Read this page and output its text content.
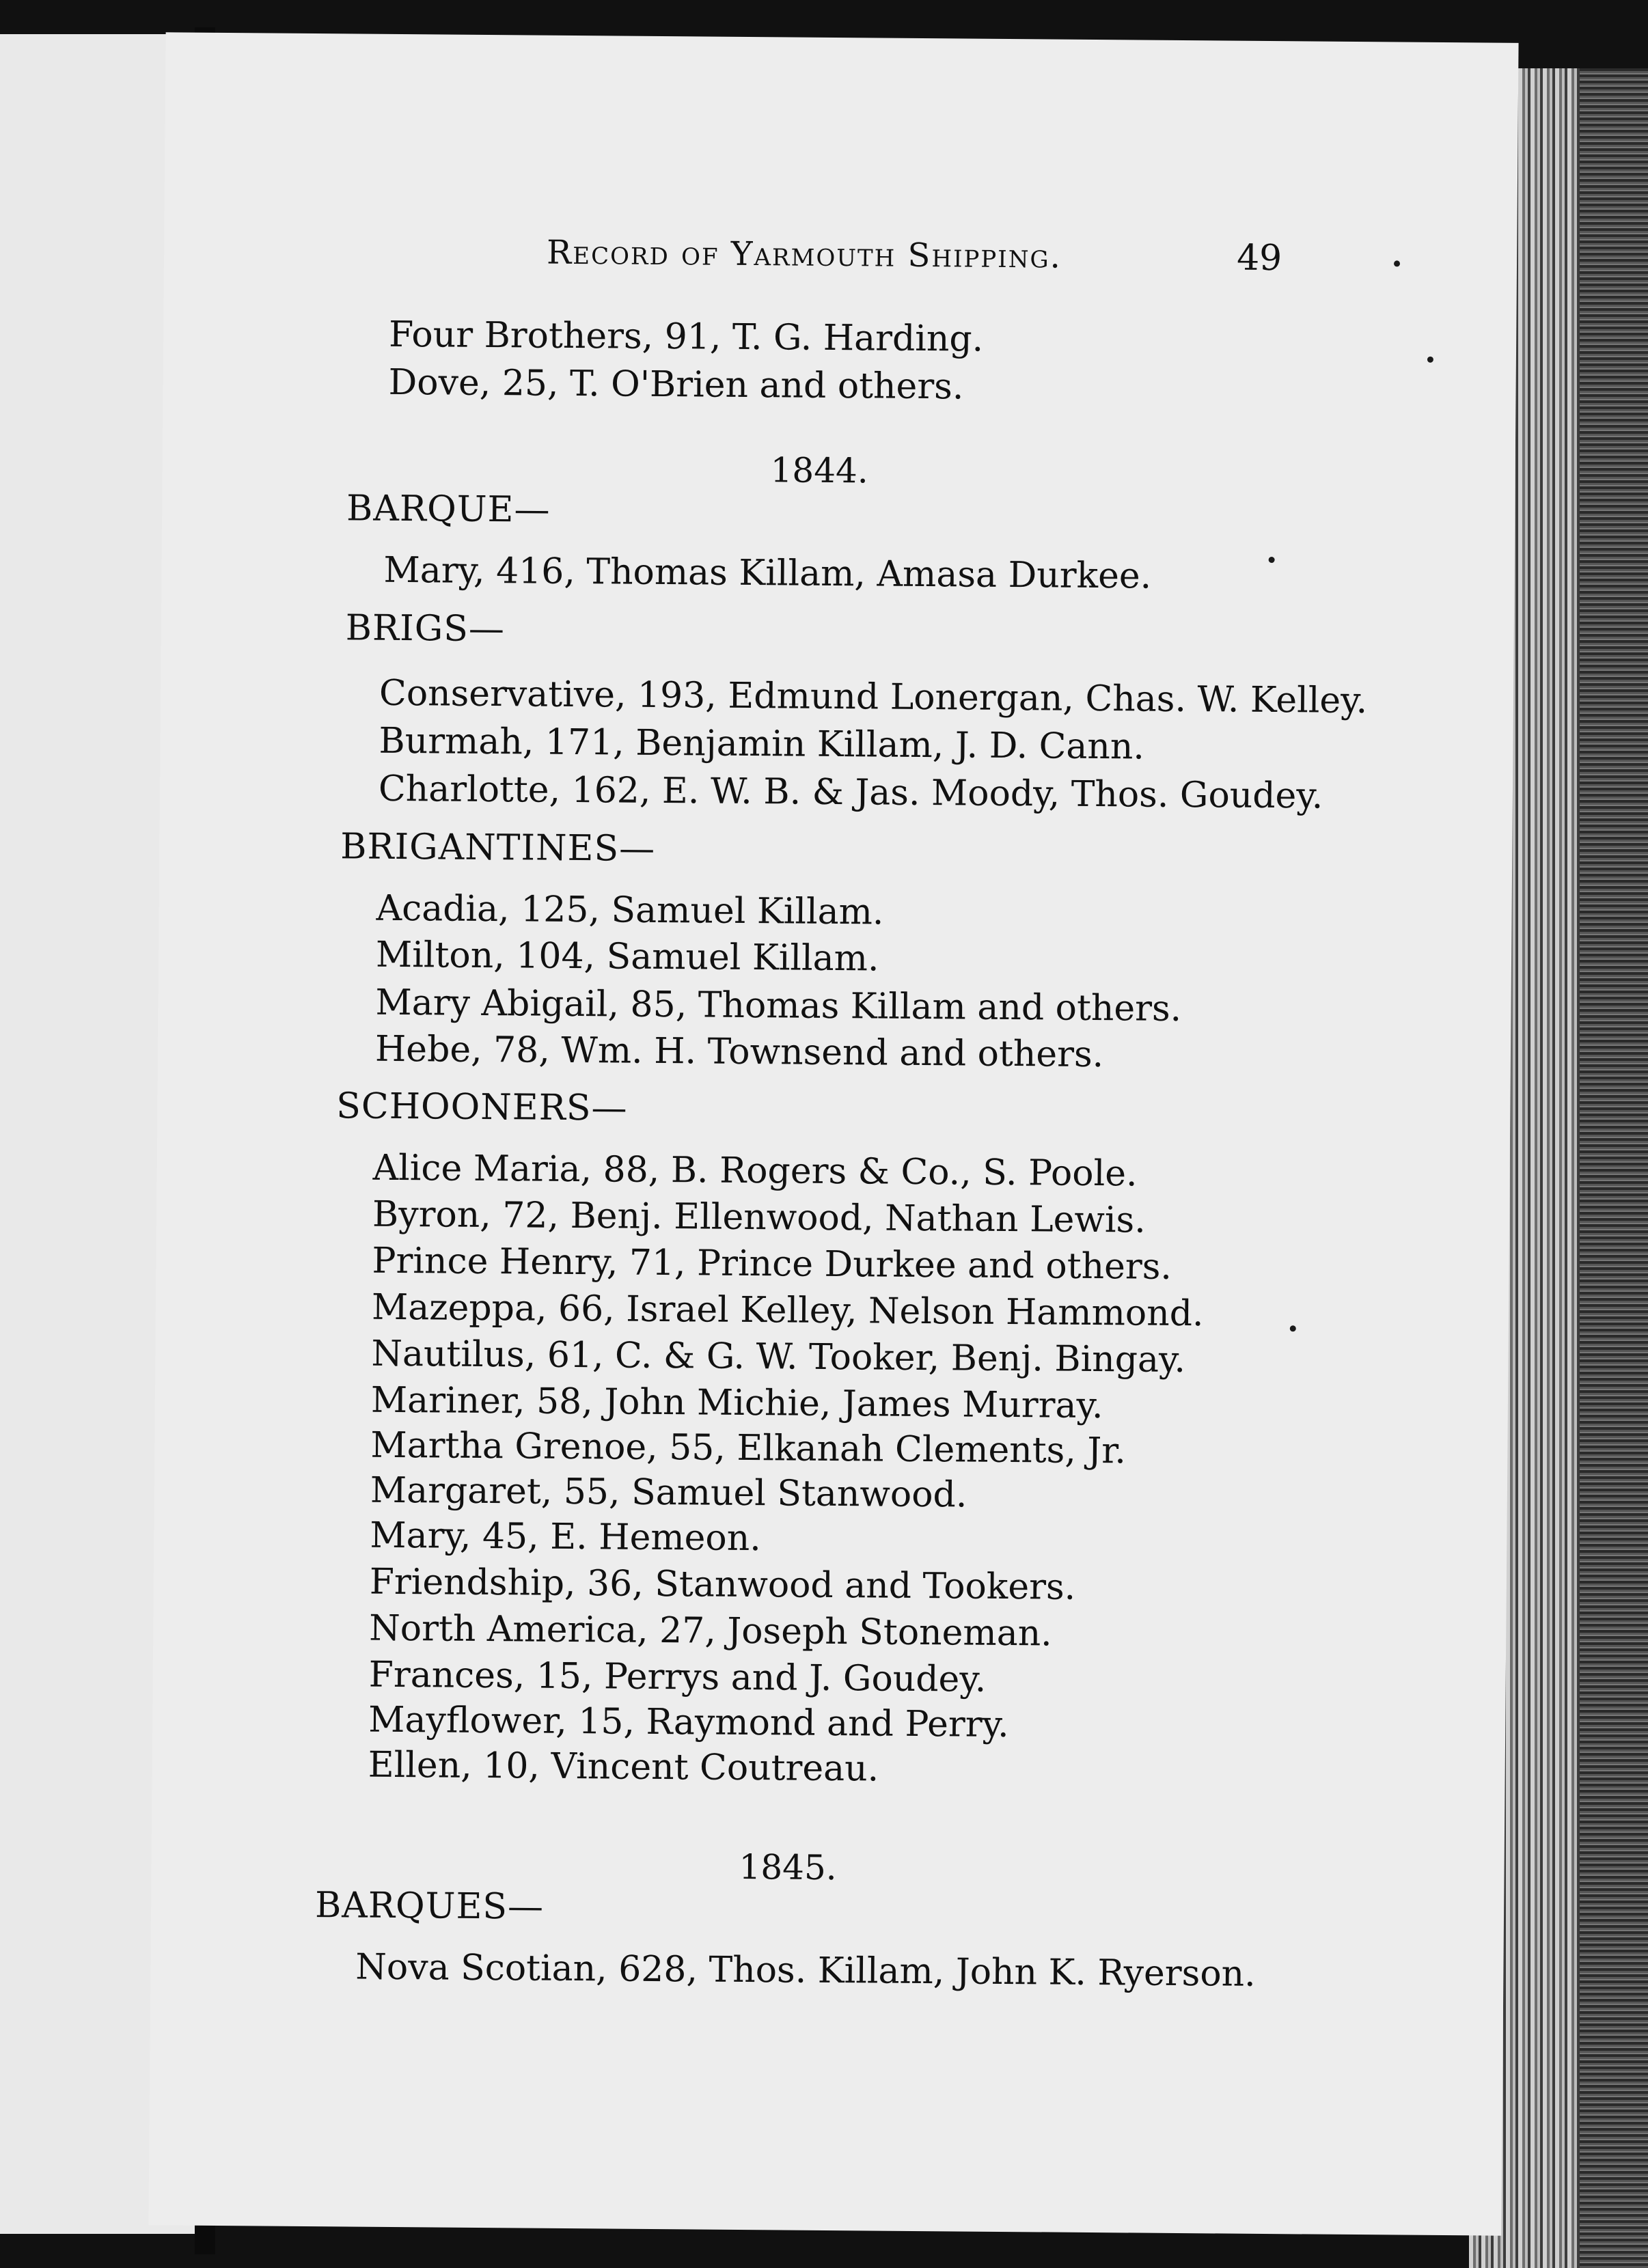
Record of Yarmouth Shipping.	49
Four Brothers, 91, T. G. Harding.
Dove, 25, T. O'Brien and others.
1844.
BARQUE—
Mary, 416, Thomas Killam, Amasa Durkee.
BRIGS—
Conservative, 193, Edmund Lonergan, Chas. W. Kelley.
Burmah, 171, Benjamin Killam, J. D. Cann.
Charlotte, 162, E. W. B. & Jas. Moody, Thos. Goudey.
BRIGANTINES—
Acadia, 125, Samuel Killam.
Milton, 104, Samuel Killam.
Mary Abigail, 85, Thomas Killam and others.
Hebe, 78, Wm. H. Townsend and others.
SCHOONERS—
Alice Maria, 88, B. Rogers & Co., S. Poole.
Byron, 72, Benj. Ellenwood, Nathan Lewis.
Prince Henry, 71, Prince Durkee and others.
Mazeppa, 66, Israel Kelley, Nelson Hammond.
Nautilus, 61, C. & G. W. Tooker, Benj. Bingay.
Mariner, 58, John Michie, James Murray.
Martha Grenoe, 55, Elkanah Clements, Jr.
Margaret, 55, Samuel Stanwood.
Mary, 45, E. Hemeon.
Friendship, 36, Stanwood and Tookers.
North America, 27, Joseph Stoneman.
Frances, 15, Perrys and J. Goudey.
Mayflower, 15, Raymond and Perry.
Ellen, 10, Vincent Coutreau.
1845.
BARQUES—
Nova Scotian, 628, Thos. Killam, John K. Ryerson.
